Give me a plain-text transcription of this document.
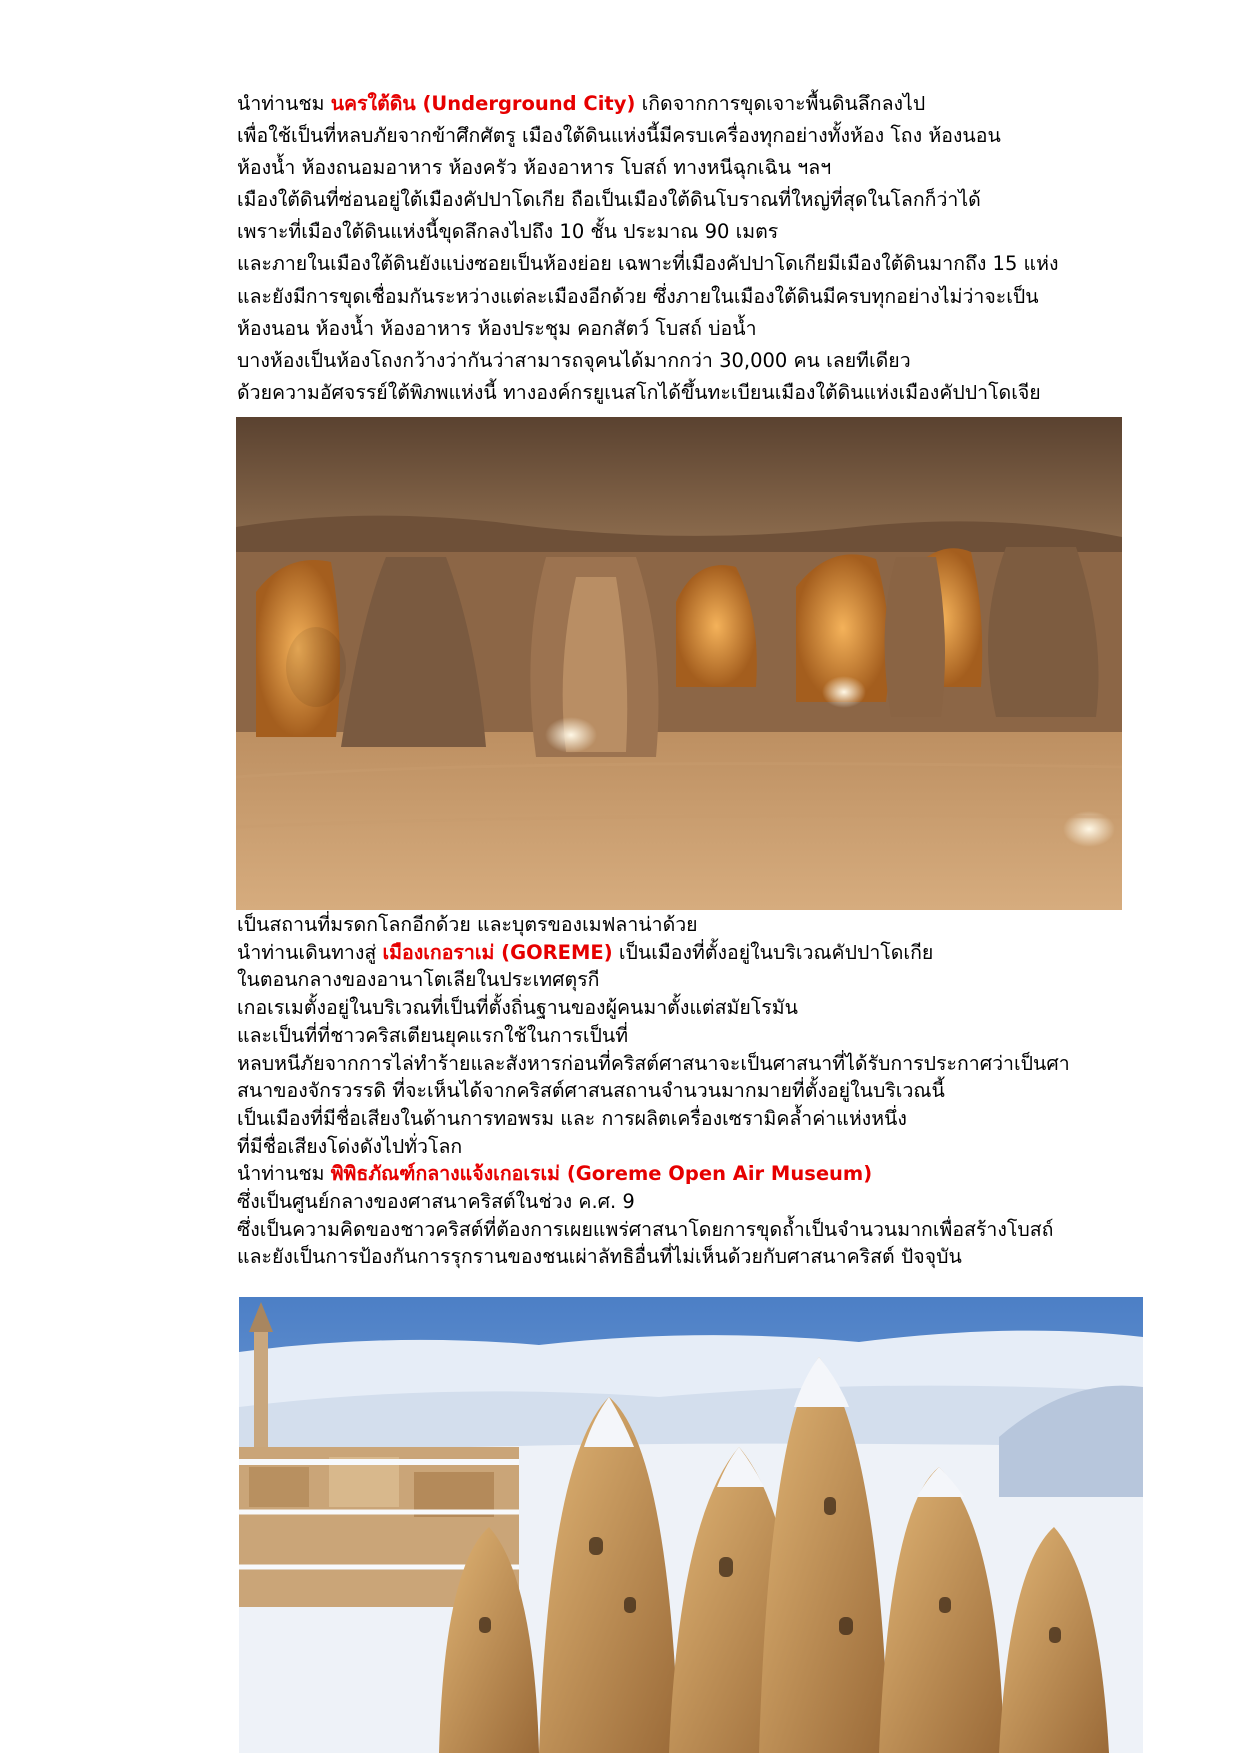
นำท่านชม นครใต้ดิน (Underground City) เกิดจากการขุดเจาะพื้นดินลึกลงไป
เพื่อใช้เป็นที่หลบภัยจากข้าศึกศัตรู เมืองใต้ดินแห่งนี้มีครบเครื่องทุกอย่างทั้งห้อง โถง ห้องนอน
ห้องน้ำ ห้องถนอมอาหาร ห้องครัว ห้องอาหาร โบสถ์ ทางหนีฉุกเฉิน ฯลฯ
เมืองใต้ดินที่ซ่อนอยู่ใต้เมืองคัปปาโดเกีย ถือเป็นเมืองใต้ดินโบราณที่ใหญ่ที่สุดในโลกก็ว่าได้
เพราะที่เมืองใต้ดินแห่งนี้ขุดลึกลงไปถึง 10 ชั้น ประมาณ 90 เมตร
และภายในเมืองใต้ดินยังแบ่งซอยเป็นห้องย่อย เฉพาะที่เมืองคัปปาโดเกียมีเมืองใต้ดินมากถึง 15 แห่ง
และยังมีการขุดเชื่อมกันระหว่างแต่ละเมืองอีกด้วย ซึ่งภายในเมืองใต้ดินมีครบทุกอย่างไม่ว่าจะเป็น
ห้องนอน ห้องน้ำ ห้องอาหาร ห้องประชุม คอกสัตว์ โบสถ์ บ่อน้ำ
บางห้องเป็นห้องโถงกว้างว่ากันว่าสามารถจุคนได้มากกว่า 30,000 คน เลยทีเดียว
ด้วยความอัศจรรย์ใต้พิภพแห่งนี้ ทางองค์กรยูเนสโกได้ขึ้นทะเบียนเมืองใต้ดินแห่งเมืองคัปปาโดเจีย
เป็นสถานที่มรดกโลกอีกด้วย และบุตรของเมฟลาน่าด้วย
นำท่านเดินทางสู่ เมืองเกอราเม่ (GOREME) เป็นเมืองที่ตั้งอยู่ในบริเวณคัปปาโดเกีย
ในตอนกลางของอานาโตเลียในประเทศตุรกี
เกอเรเมตั้งอยู่ในบริเวณที่เป็นที่ตั้งถิ่นฐานของผู้คนมาตั้งแต่สมัยโรมัน
และเป็นที่ที่ชาวคริสเตียนยุคแรกใช้ในการเป็นที่
หลบหนีภัยจากการไล่ทำร้ายและสังหารก่อนที่คริสต์ศาสนาจะเป็นศาสนาที่ได้รับการประกาศว่าเป็นศา
สนาของจักรวรรดิ ที่จะเห็นได้จากคริสต์ศาสนสถานจำนวนมากมายที่ตั้งอยู่ในบริเวณนี้
เป็นเมืองที่มีชื่อเสียงในด้านการทอพรม และ การผลิตเครื่องเซรามิคล้ำค่าแห่งหนึ่ง
ที่มีชื่อเสียงโด่งดังไปทั่วโลก
นำท่านชม พิพิธภัณฑ์กลางแจ้งเกอเรเม่ (Goreme Open Air Museum)
ซึ่งเป็นศูนย์กลางของศาสนาคริสต์ในช่วง ค.ศ. 9
ซึ่งเป็นความคิดของชาวคริสต์ที่ต้องการเผยแพร่ศาสนาโดยการขุดถ้ำเป็นจำนวนมากเพื่อสร้างโบสถ์
และยังเป็นการป้องกันการรุกรานของชนเผ่าลัทธิอื่นที่ไม่เห็นด้วยกับศาสนาคริสต์ ปัจจุบัน
